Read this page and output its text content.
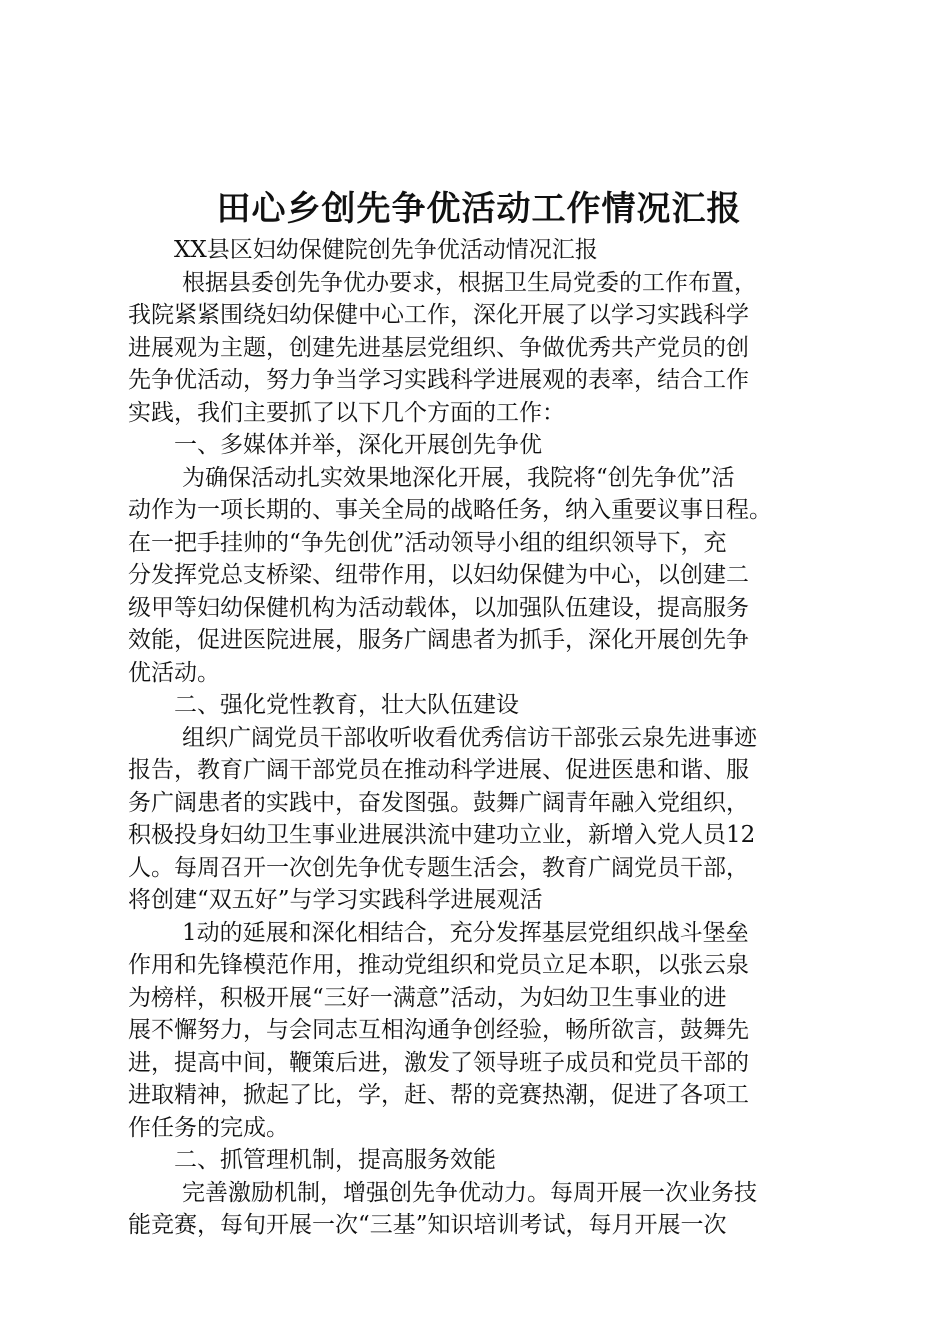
田心乡创先争优活动工作情况汇报

XX县区妇幼保健院创先争优活动情况汇报

根据县委创先争优办要求，根据卫生局党委的工作布置，

我院紧紧围绕妇幼保健中心工作，深化开展了以学习实践科学

进展观为主题，创建先进基层党组织、争做优秀共产党员的创

先争优活动，努力争当学习实践科学进展观的表率，结合工作

实践，我们主要抓了以下几个方面的工作：

一、多媒体并举，深化开展创先争优

为确保活动扎实效果地深化开展，我院将“创先争优”活

动作为一项长期的、事关全局的战略任务，纳入重要议事日程。

在一把手挂帅的“争先创优”活动领导小组的组织领导下，充

分发挥党总支桥梁、纽带作用，以妇幼保健为中心，以创建二

级甲等妇幼保健机构为活动载体，以加强队伍建设，提高服务

效能，促进医院进展，服务广阔患者为抓手，深化开展创先争

优活动。

二、强化党性教育，壮大队伍建设

组织广阔党员干部收听收看优秀信访干部张云泉先进事迹

报告，教育广阔干部党员在推动科学进展、促进医患和谐、服

务广阔患者的实践中，奋发图强。鼓舞广阔青年融入党组织，

积极投身妇幼卫生事业进展洪流中建功立业，新增入党人员12

人。每周召开一次创先争优专题生活会，教育广阔党员干部，

将创建“双五好”与学习实践科学进展观活

1动的延展和深化相结合，充分发挥基层党组织战斗堡垒

作用和先锋模范作用，推动党组织和党员立足本职，以张云泉

为榜样，积极开展“三好一满意”活动，为妇幼卫生事业的进

展不懈努力，与会同志互相沟通争创经验，畅所欲言，鼓舞先

进，提高中间，鞭策后进，激发了领导班子成员和党员干部的

进取精神，掀起了比，学，赶、帮的竞赛热潮，促进了各项工

作任务的完成。

二、抓管理机制，提高服务效能

完善激励机制，增强创先争优动力。每周开展一次业务技

能竞赛，每旬开展一次“三基”知识培训考试，每月开展一次
